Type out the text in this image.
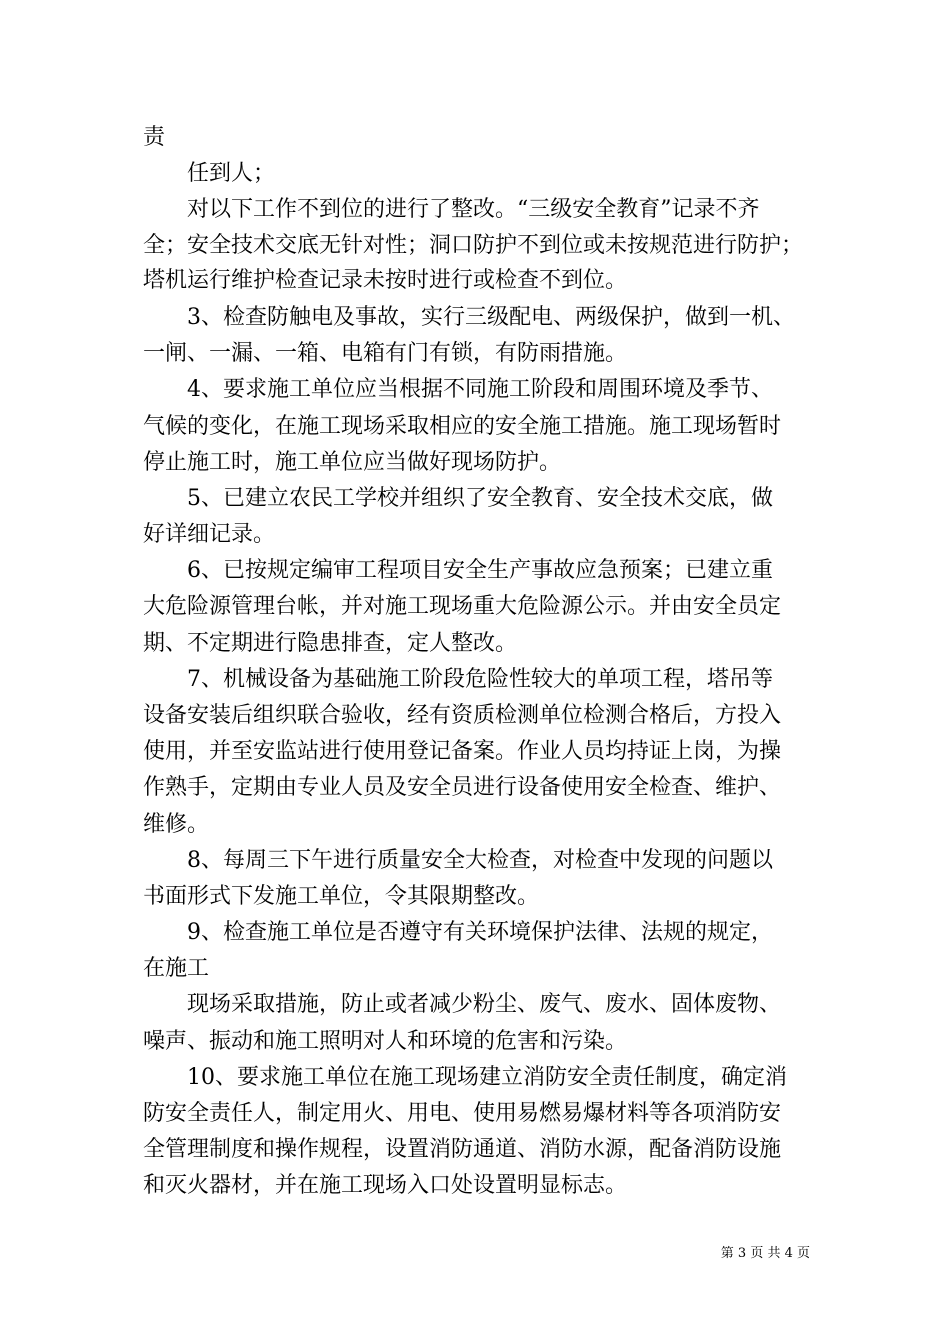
责
任到人；
对以下工作不到位的进行了整改。“三级安全教育”记录不齐
全；安全技术交底无针对性；洞口防护不到位或未按规范进行防护；
塔机运行维护检查记录未按时进行或检查不到位。
3、检查防触电及事故，实行三级配电、两级保护，做到一机、
一闸、一漏、一箱、电箱有门有锁，有防雨措施。
4、要求施工单位应当根据不同施工阶段和周围环境及季节、
气候的变化，在施工现场采取相应的安全施工措施。施工现场暂时
停止施工时，施工单位应当做好现场防护。
5、已建立农民工学校并组织了安全教育、安全技术交底，做
好详细记录。
6、已按规定编审工程项目安全生产事故应急预案；已建立重
大危险源管理台帐，并对施工现场重大危险源公示。并由安全员定
期、不定期进行隐患排查，定人整改。
7、机械设备为基础施工阶段危险性较大的单项工程，塔吊等
设备安装后组织联合验收，经有资质检测单位检测合格后，方投入
使用，并至安监站进行使用登记备案。作业人员均持证上岗，为操
作熟手，定期由专业人员及安全员进行设备使用安全检查、维护、
维修。
8、每周三下午进行质量安全大检查，对检查中发现的问题以
书面形式下发施工单位，令其限期整改。
9、检查施工单位是否遵守有关环境保护法律、法规的规定，
在施工
现场采取措施，防止或者减少粉尘、废气、废水、固体废物、
噪声、振动和施工照明对人和环境的危害和污染。
10、要求施工单位在施工现场建立消防安全责任制度，确定消
防安全责任人，制定用火、用电、使用易燃易爆材料等各项消防安
全管理制度和操作规程，设置消防通道、消防水源，配备消防设施
和灭火器材，并在施工现场入口处设置明显标志。
第 3 页 共 4 页
